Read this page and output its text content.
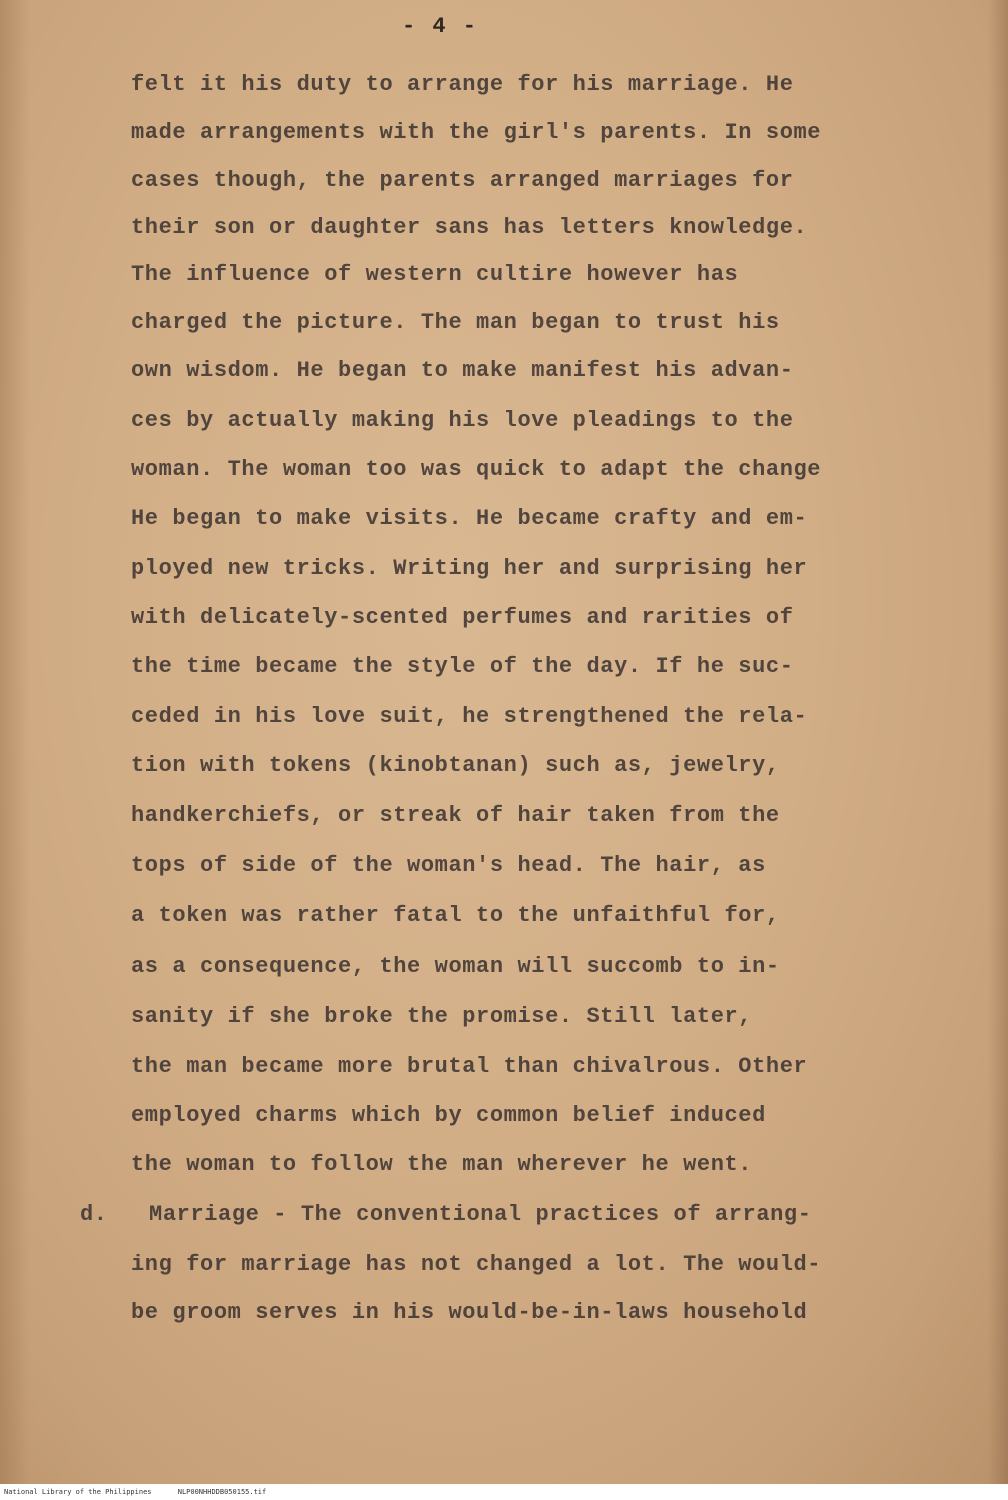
- 4 -
felt it his duty to arrange for his marriage. He
made arrangements with the girl's parents. In some
cases though, the parents arranged marriages for
their son or daughter sans has letters knowledge.
The influence of western cultire however has
charged the picture. The man began to trust his
own wisdom. He began to make manifest his advan-
ces by actually making his love pleadings to the
woman. The woman too was quick to adapt the change
He began to make visits. He became crafty and em-
ployed new tricks. Writing her and surprising her
with delicately-scented perfumes and rarities of
the time became the style of the day. If he suc-
ceded in his love suit, he strengthened the rela-
tion with tokens (kinobtanan) such as, jewelry,
handkerchiefs, or streak of hair taken from the
tops of side of the woman's head. The hair, as
a token was rather fatal to the unfaithful for,
as a consequence, the woman will succomb to in-
sanity if she broke the promise. Still later,
the man became more brutal than chivalrous. Other
employed charms which by common belief induced
the woman to follow the man wherever he went.
d. Marriage - The conventional practices of arrang-
ing for marriage has not changed a lot. The would-
be groom serves in his would-be-in-laws household
National Library of the Philippines	NLP00NHHDDB050155.tif
